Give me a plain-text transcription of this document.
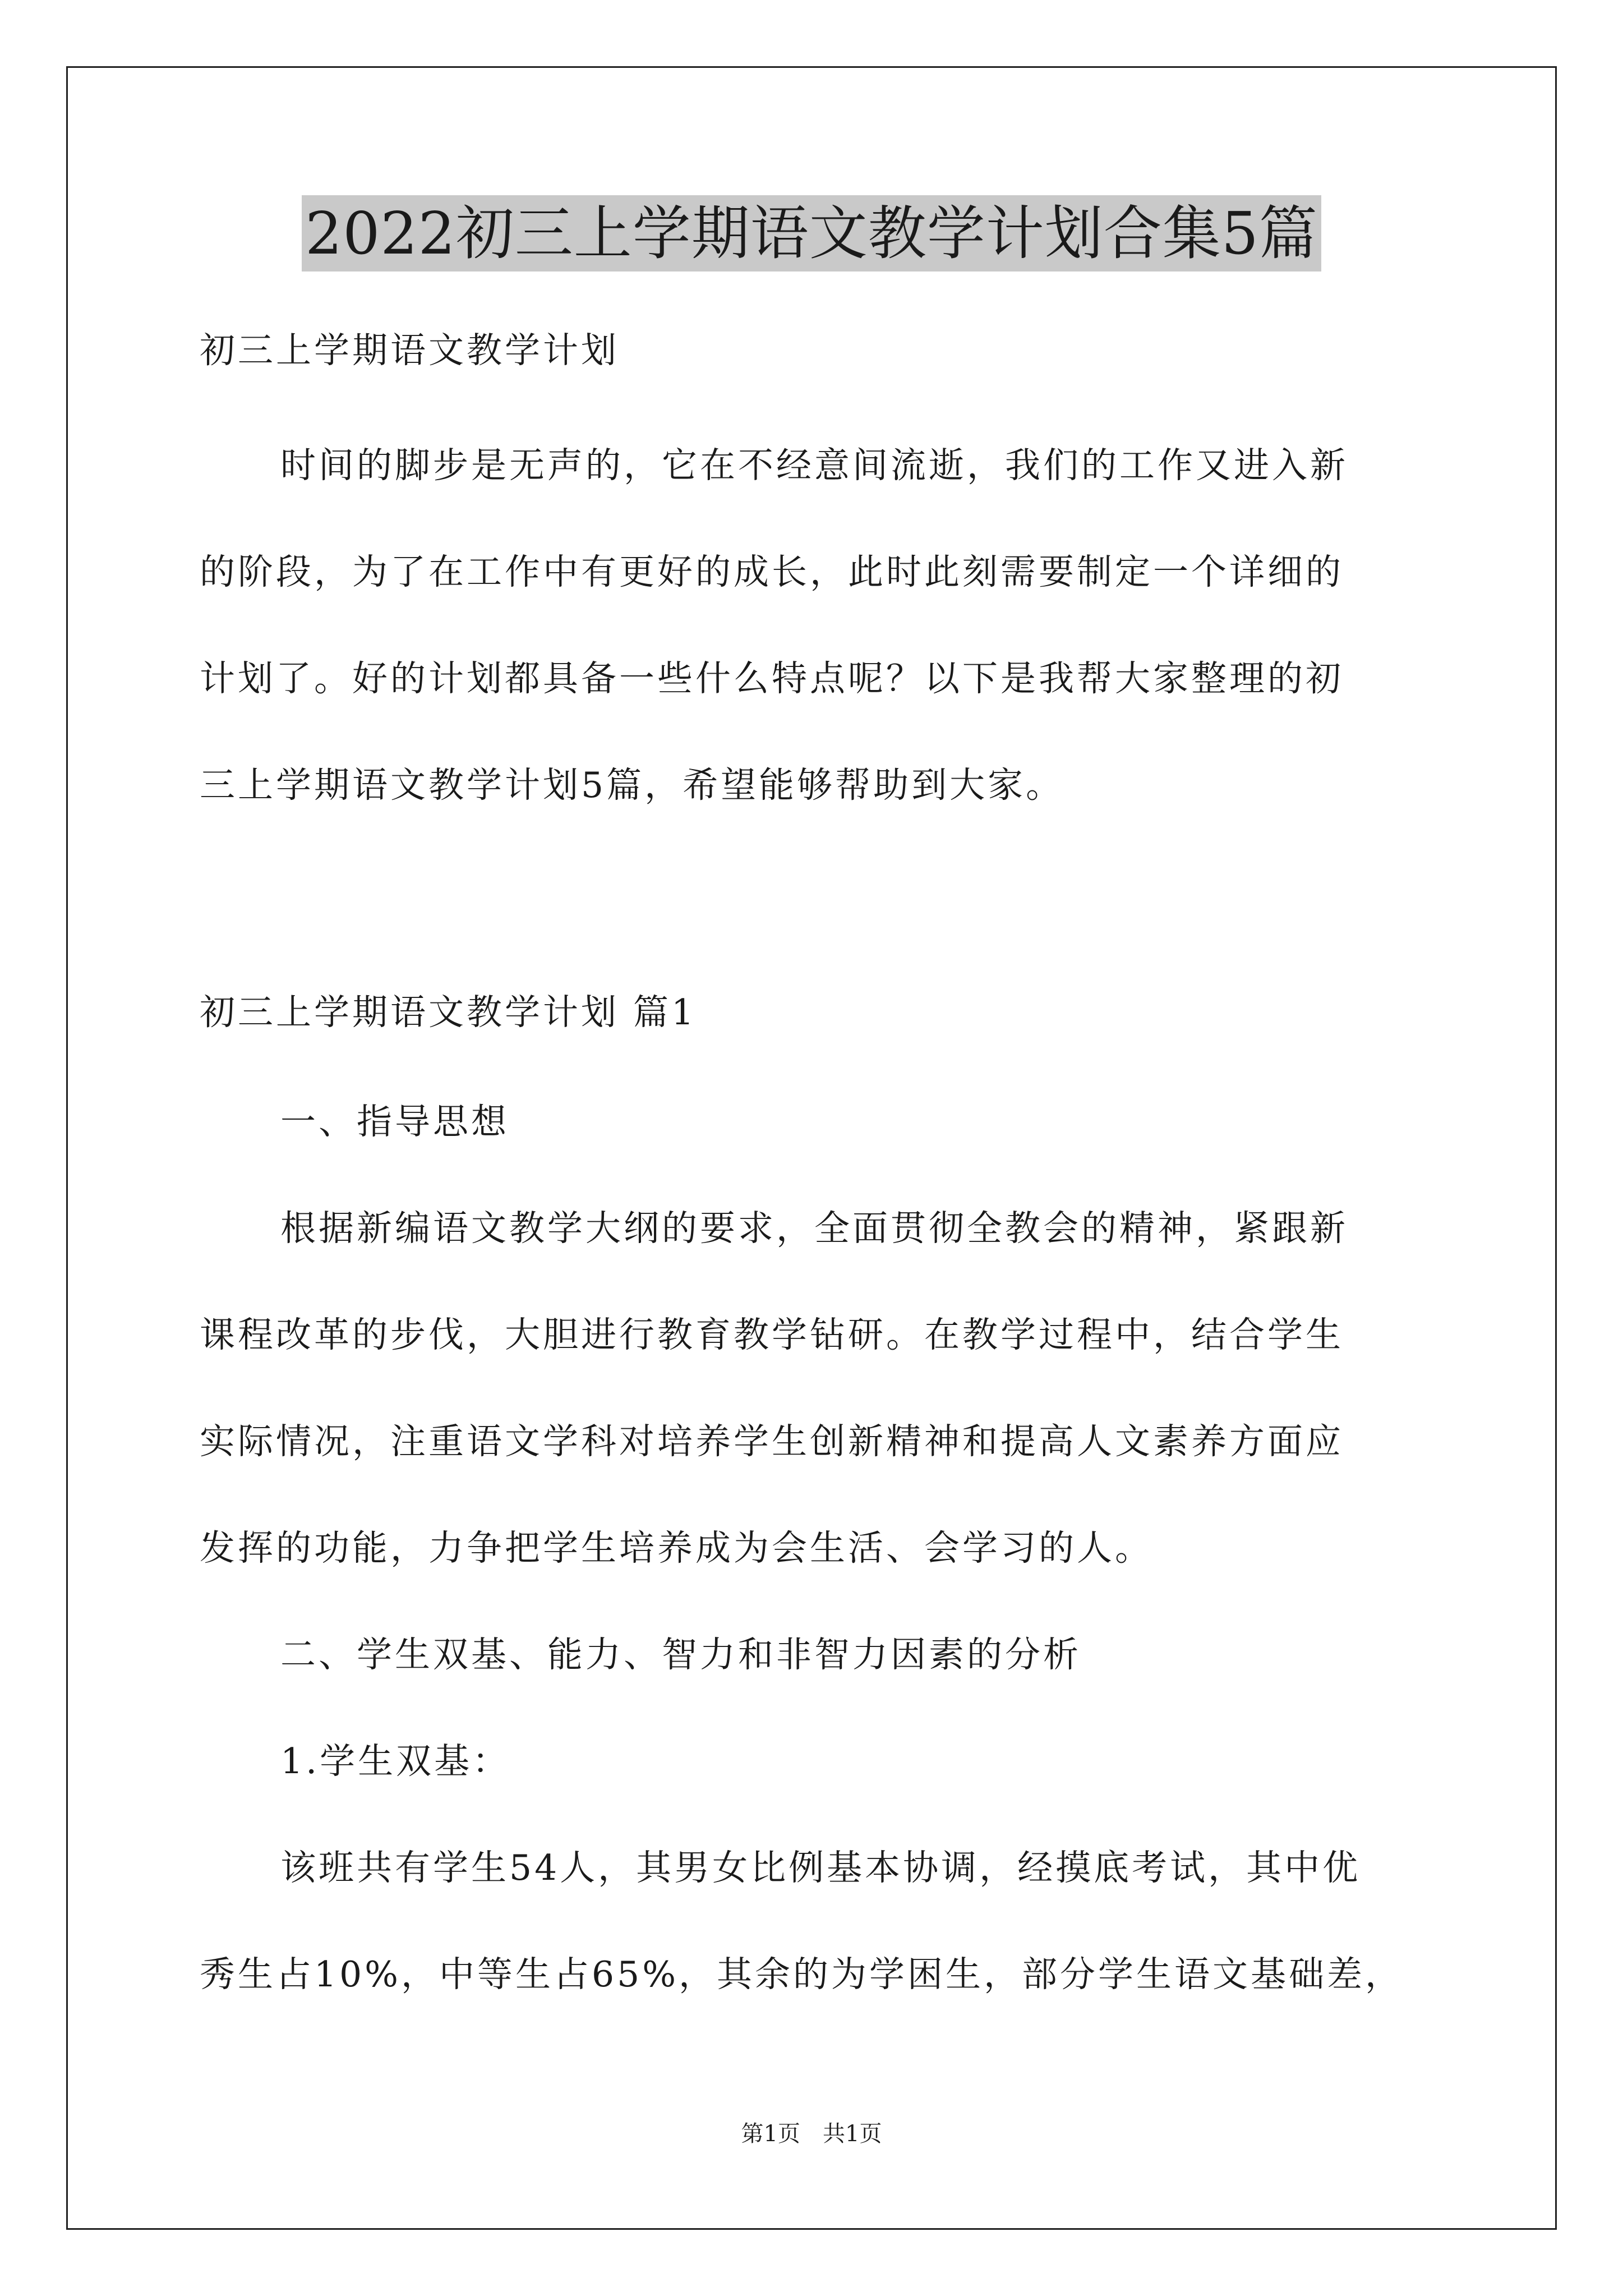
2022初三上学期语文教学计划合集5篇
初三上学期语文教学计划
时间的脚步是无声的，它在不经意间流逝，我们的工作又进入新
的阶段，为了在工作中有更好的成长，此时此刻需要制定一个详细的
计划了。好的计划都具备一些什么特点呢？以下是我帮大家整理的初
三上学期语文教学计划5篇，希望能够帮助到大家。
初三上学期语文教学计划 篇1
一、指导思想
根据新编语文教学大纲的要求，全面贯彻全教会的精神，紧跟新
课程改革的步伐，大胆进行教育教学钻研。在教学过程中，结合学生
实际情况，注重语文学科对培养学生创新精神和提高人文素养方面应
发挥的功能，力争把学生培养成为会生活、会学习的人。
二、学生双基、能力、智力和非智力因素的分析
1.学生双基：
该班共有学生54人，其男女比例基本协调，经摸底考试，其中优
秀生占10%，中等生占65%，其余的为学困生，部分学生语文基础差，
第1页　共1页
